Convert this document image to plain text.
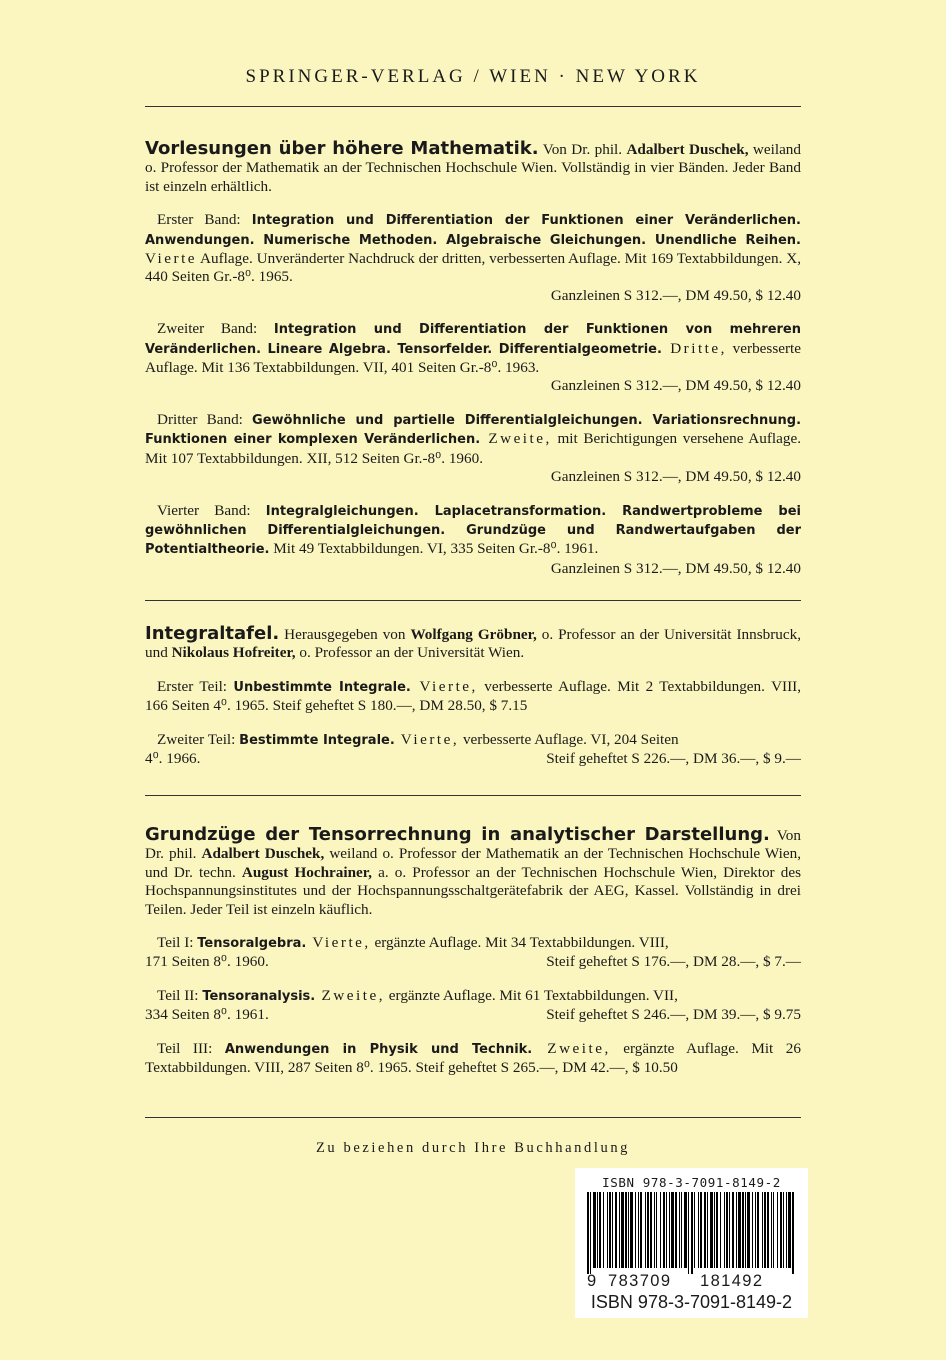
SPRINGER-VERLAG / WIEN · NEW YORK

Vorlesungen über höhere Mathematik. Von Dr. phil. Adalbert Duschek, weiland o. Professor der Mathematik an der Technischen Hochschule Wien. Vollständig in vier Bänden. Jeder Band ist einzeln erhältlich.

Erster Band: Integration und Differentiation der Funktionen einer Veränderlichen. Anwendungen. Numerische Methoden. Algebraische Gleichungen. Unendliche Reihen. Vierte Auflage. Unveränderter Nachdruck der dritten, verbesserten Auflage. Mit 169 Textabbildungen. X, 440 Seiten Gr.-8⁰. 1965.

Ganzleinen S 312.—, DM 49.50, $ 12.40

Zweiter Band: Integration und Differentiation der Funktionen von mehreren Veränderlichen. Lineare Algebra. Tensorfelder. Differentialgeometrie. Dritte, verbesserte Auflage. Mit 136 Textabbildungen. VII, 401 Seiten Gr.-8⁰. 1963.

Ganzleinen S 312.—, DM 49.50, $ 12.40

Dritter Band: Gewöhnliche und partielle Differentialgleichungen. Variationsrechnung. Funktionen einer komplexen Veränderlichen. Zweite, mit Berichtigungen versehene Auflage. Mit 107 Textabbildungen. XII, 512 Seiten Gr.-8⁰. 1960.

Ganzleinen S 312.—, DM 49.50, $ 12.40

Vierter Band: Integralgleichungen. Laplacetransformation. Randwertprobleme bei gewöhnlichen Differentialgleichungen. Grundzüge und Randwertaufgaben der Potentialtheorie. Mit 49 Textabbildungen. VI, 335 Seiten Gr.-8⁰. 1961.

Ganzleinen S 312.—, DM 49.50, $ 12.40

Integraltafel. Herausgegeben von Wolfgang Gröbner, o. Professor an der Universität Innsbruck, und Nikolaus Hofreiter, o. Professor an der Universität Wien.

Erster Teil: Unbestimmte Integrale. Vierte, verbesserte Auflage. Mit 2 Textabbildungen. VIII, 166 Seiten 4⁰. 1965. Steif geheftet S 180.—, DM 28.50, $ 7.15

Zweiter Teil: Bestimmte Integrale. Vierte, verbesserte Auflage. VI, 204 Seiten

4⁰. 1966.	Steif geheftet S 226.—, DM 36.—, $ 9.—

Grundzüge der Tensorrechnung in analytischer Darstellung. Von Dr. phil. Adalbert Duschek, weiland o. Professor der Mathematik an der Technischen Hochschule Wien, und Dr. techn. August Hochrainer, a. o. Professor an der Technischen Hochschule Wien, Direktor des Hochspannungsinstitutes und der Hochspannungsschaltgerätefabrik der AEG, Kassel. Vollständig in drei Teilen. Jeder Teil ist einzeln käuflich.

Teil I: Tensoralgebra. Vierte, ergänzte Auflage. Mit 34 Textabbildungen. VIII,

171 Seiten 8⁰. 1960.	Steif geheftet S 176.—, DM 28.—, $ 7.—

Teil II: Tensoranalysis. Zweite, ergänzte Auflage. Mit 61 Textabbildungen. VII,

334 Seiten 8⁰. 1961.	Steif geheftet S 246.—, DM 39.—, $ 9.75

Teil III: Anwendungen in Physik und Technik. Zweite, ergänzte Auflage. Mit 26 Textabbildungen. VIII, 287 Seiten 8⁰. 1965. Steif geheftet S 265.—, DM 42.—, $ 10.50

Zu beziehen durch Ihre Buchhandlung
ISBN 978-3-7091-8149-2
9 783709 181492
ISBN 978-3-7091-8149-2
